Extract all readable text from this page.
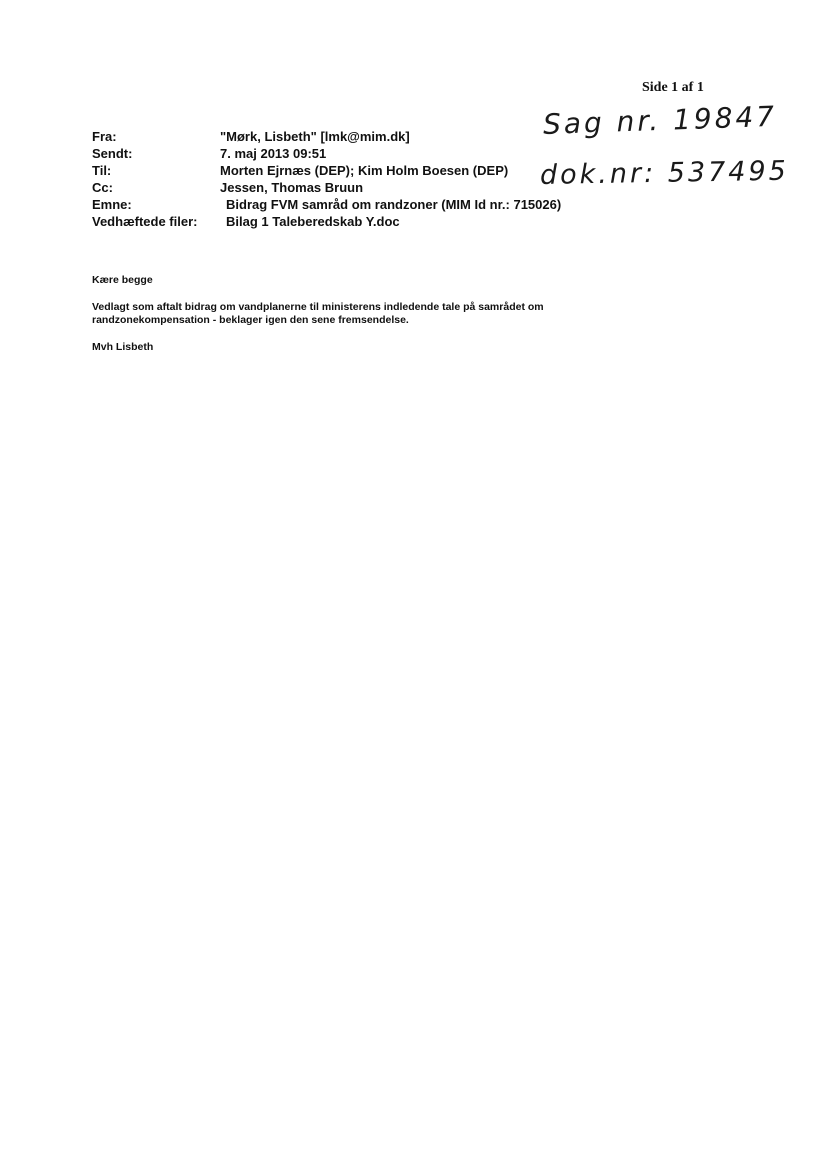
Side 1 af 1
Sag nr. 19847
dok.nr: 537495
Fra:	"Mørk, Lisbeth" [lmk@mim.dk]
Sendt:	7. maj 2013 09:51
Til:	Morten Ejrnæs (DEP); Kim Holm Boesen (DEP)
Cc:	Jessen, Thomas Bruun
Emne:	Bidrag FVM samråd om randzoner (MIM Id nr.: 715026)
Vedhæftede filer:	Bilag 1 Taleberedskab Y.doc

Kære begge

Vedlagt som aftalt bidrag om vandplanerne til ministerens indledende tale på samrådet om
randzonekompensation - beklager igen den sene fremsendelse.

Mvh Lisbeth
